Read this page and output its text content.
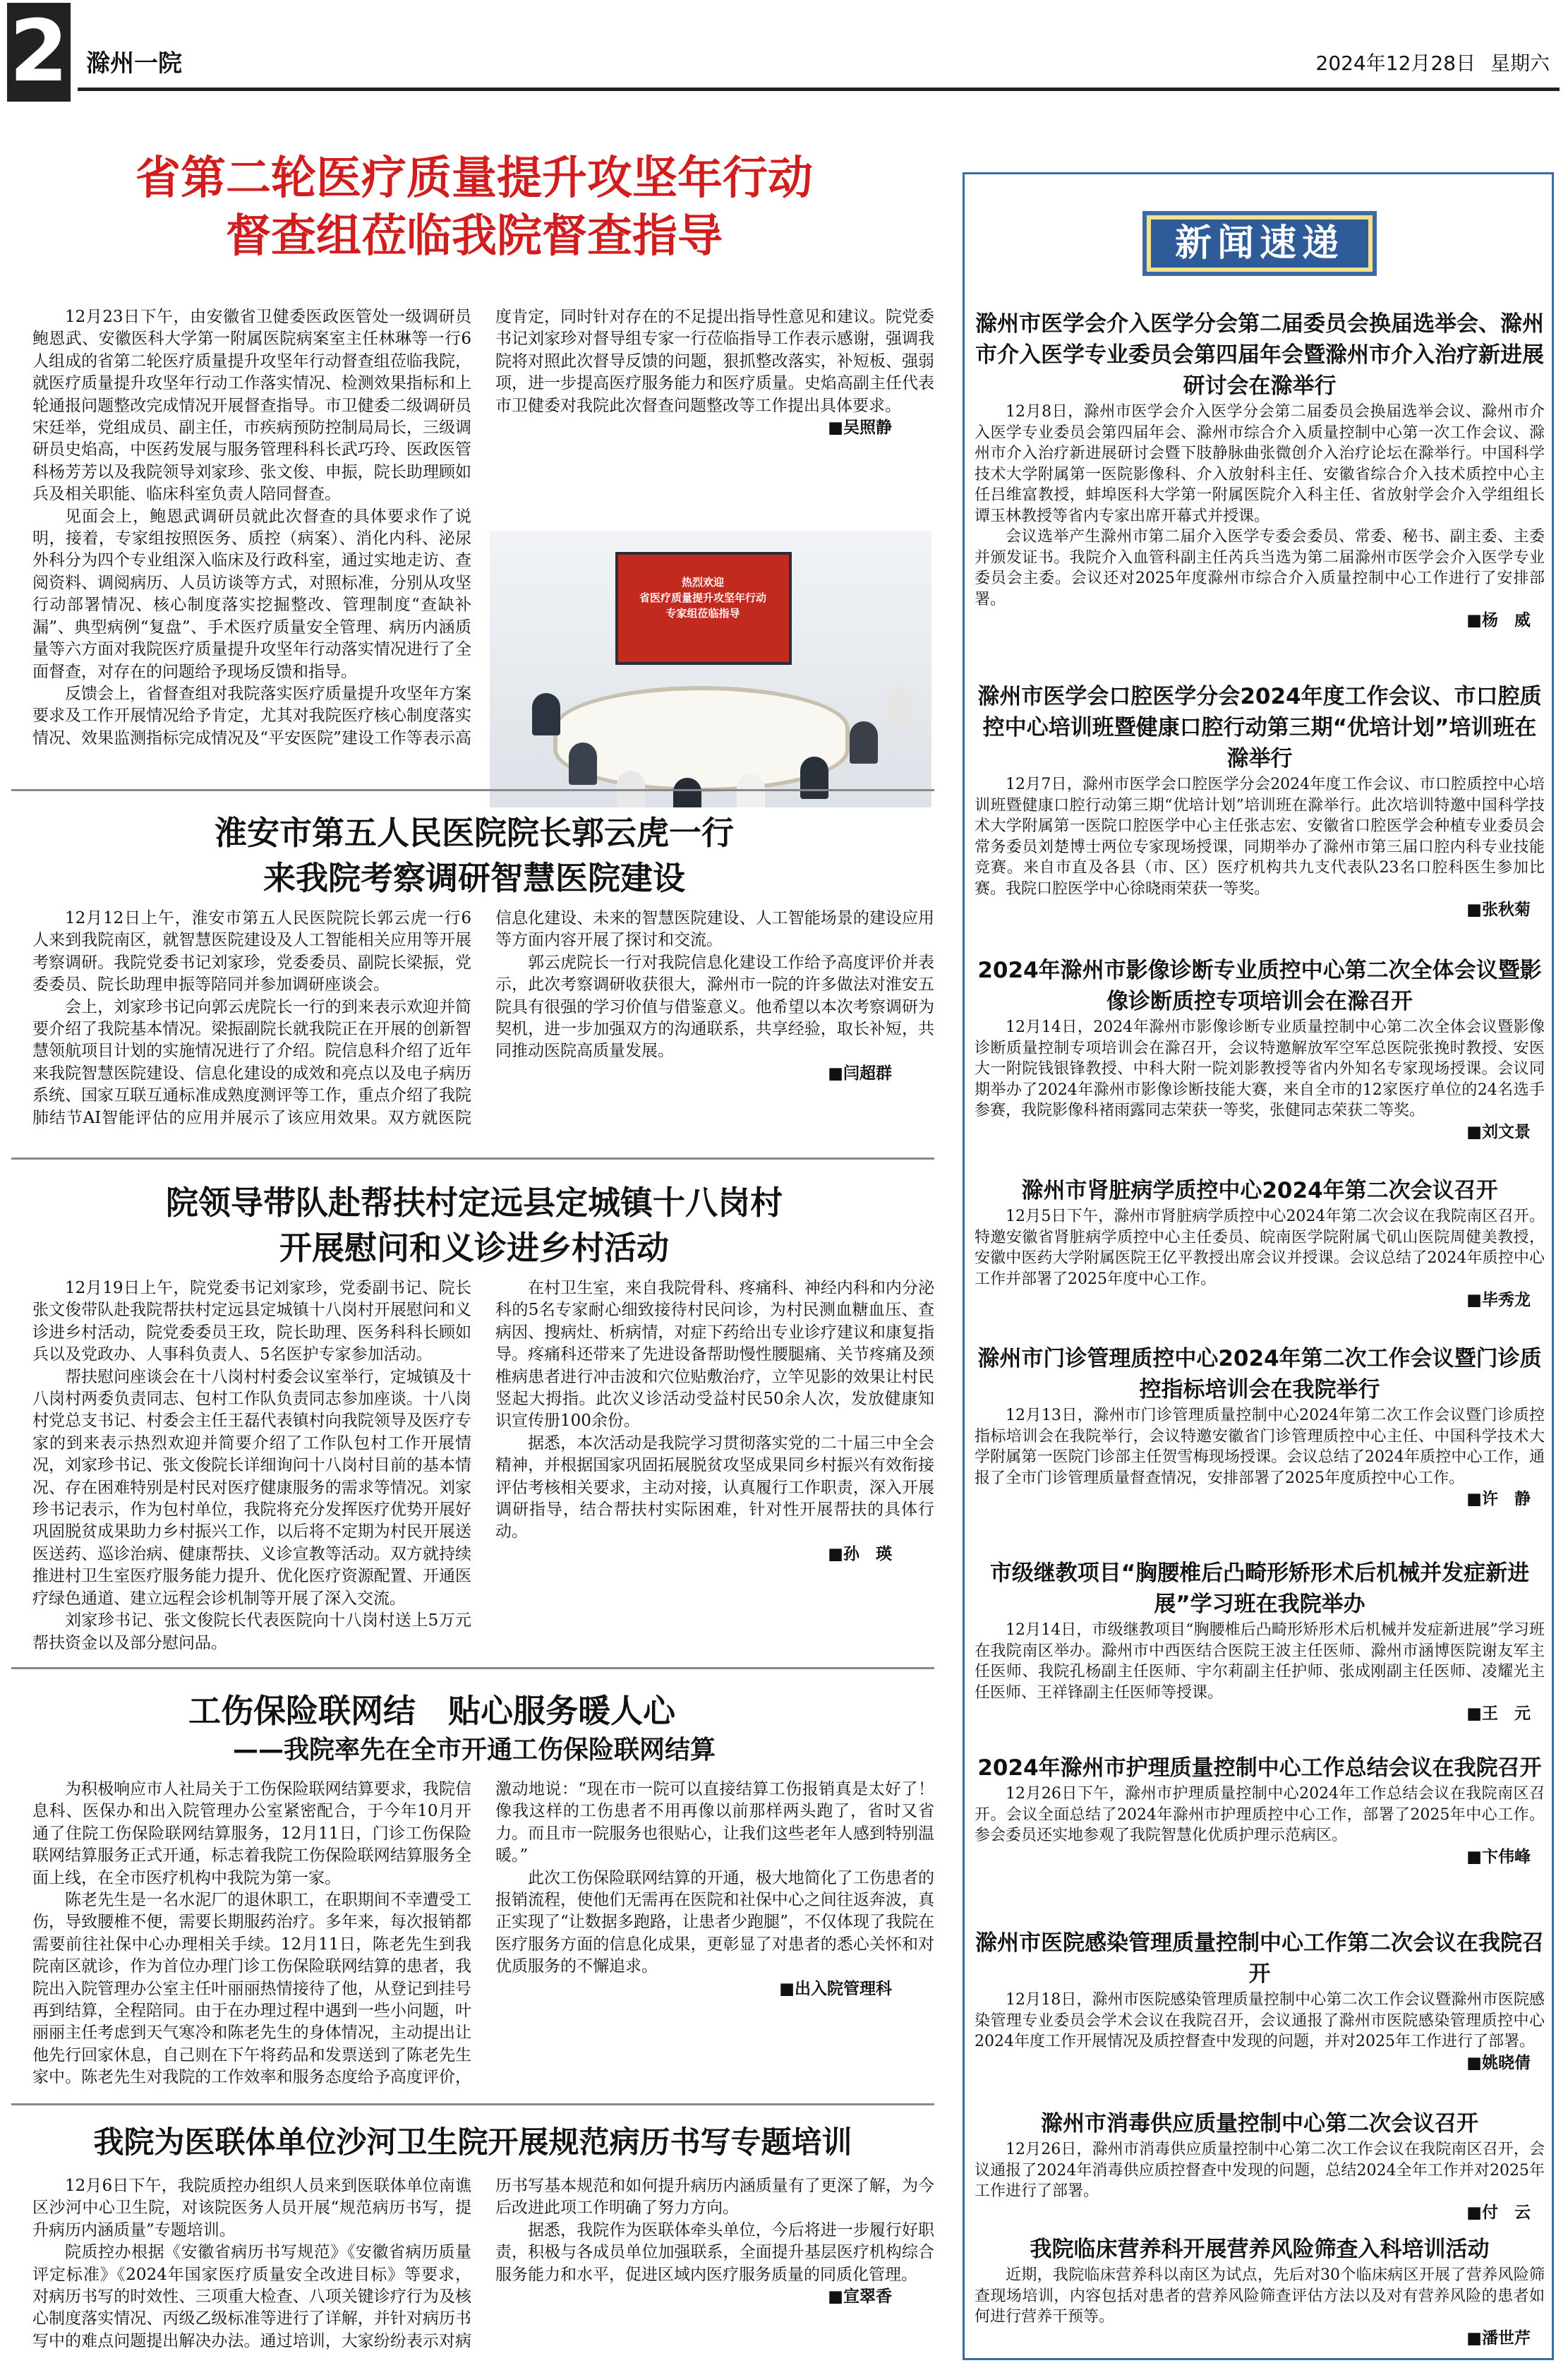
2 滁州一院	2024年12月28日 星期六
省第二轮医疗质量提升攻坚年行动
督查组莅临我院督查指导

12月23日下午，由安徽省卫健委医政医管处一级调研员鲍恩武、安徽医科大学第一附属医院病案室主任林琳等一行6人组成的省第二轮医疗质量提升攻坚年行动督查组莅临我院，就医疗质量提升攻坚年行动工作落实情况、检测效果指标和上轮通报问题整改完成情况开展督查指导。市卫健委二级调研员宋廷举，党组成员、副主任，市疾病预防控制局局长，三级调研员史焰高，中医药发展与服务管理科科长武巧玲、医政医管科杨芳芳以及我院领导刘家珍、张文俊、申振，院长助理顾如兵及相关职能、临床科室负责人陪同督查。

见面会上，鲍恩武调研员就此次督查的具体要求作了说明，接着，专家组按照医务、质控（病案）、消化内科、泌尿外科分为四个专业组深入临床及行政科室，通过实地走访、查阅资料、调阅病历、人员访谈等方式，对照标准，分别从攻坚行动部署情况、核心制度落实挖掘整改、管理制度“查缺补漏”、典型病例“复盘”、手术医疗质量安全管理、病历内涵质量等六方面对我院医疗质量提升攻坚年行动落实情况进行了全面督查，对存在的问题给予现场反馈和指导。

反馈会上，省督查组对我院落实医疗质量提升攻坚年方案要求及工作开展情况给予肯定，尤其对我院医疗核心制度落实情况、效果监测指标完成情况及“平安医院”建设工作等表示高度肯定，同时针对存在的不足提出指导性意见和建议。院党委书记刘家珍对督导组专家一行莅临指导工作表示感谢，强调我院将对照此次督导反馈的问题，狠抓整改落实，补短板、强弱项，进一步提高医疗服务能力和医疗质量。史焰高副主任代表市卫健委对我院此次督查问题整改等工作提出具体要求。

■吴照静
热烈欢迎
省医疗质量提升攻坚年行动
专家组莅临指导
淮安市第五人民医院院长郭云虎一行
来我院考察调研智慧医院建设

12月12日上午，淮安市第五人民医院院长郭云虎一行6人来到我院南区，就智慧医院建设及人工智能相关应用等开展考察调研。我院党委书记刘家珍，党委委员、副院长梁振，党委委员、院长助理申振等陪同并参加调研座谈会。

会上，刘家珍书记向郭云虎院长一行的到来表示欢迎并简要介绍了我院基本情况。梁振副院长就我院正在开展的创新智慧领航项目计划的实施情况进行了介绍。院信息科介绍了近年来我院智慧医院建设、信息化建设的成效和亮点以及电子病历系统、国家互联互通标准成熟度测评等工作，重点介绍了我院肺结节AI智能评估的应用并展示了该应用效果。双方就医院信息化建设、未来的智慧医院建设、人工智能场景的建设应用等方面内容开展了探讨和交流。

郭云虎院长一行对我院信息化建设工作给予高度评价并表示，此次考察调研收获很大，滁州市一院的许多做法对淮安五院具有很强的学习价值与借鉴意义。他希望以本次考察调研为契机，进一步加强双方的沟通联系，共享经验，取长补短，共同推动医院高质量发展。

■闫超群
院领导带队赴帮扶村定远县定城镇十八岗村
开展慰问和义诊进乡村活动

12月19日上午，院党委书记刘家珍，党委副书记、院长张文俊带队赴我院帮扶村定远县定城镇十八岗村开展慰问和义诊进乡村活动，院党委委员王玫，院长助理、医务科科长顾如兵以及党政办、人事科负责人、5名医护专家参加活动。

帮扶慰问座谈会在十八岗村村委会议室举行，定城镇及十八岗村两委负责同志、包村工作队负责同志参加座谈。十八岗村党总支书记、村委会主任王磊代表镇村向我院领导及医疗专家的到来表示热烈欢迎并简要介绍了工作队包村工作开展情况，刘家珍书记、张文俊院长详细询问十八岗村目前的基本情况、存在困难特别是村民对医疗健康服务的需求等情况。刘家珍书记表示，作为包村单位，我院将充分发挥医疗优势开展好巩固脱贫成果助力乡村振兴工作，以后将不定期为村民开展送医送药、巡诊治病、健康帮扶、义诊宣教等活动。双方就持续推进村卫生室医疗服务能力提升、优化医疗资源配置、开通医疗绿色通道、建立远程会诊机制等开展了深入交流。

刘家珍书记、张文俊院长代表医院向十八岗村送上5万元帮扶资金以及部分慰问品。

在村卫生室，来自我院骨科、疼痛科、神经内科和内分泌科的5名专家耐心细致接待村民问诊，为村民测血糖血压、查病因、搜病灶、析病情，对症下药给出专业诊疗建议和康复指导。疼痛科还带来了先进设备帮助慢性腰腿痛、关节疼痛及颈椎病患者进行冲击波和穴位贴敷治疗，立竿见影的效果让村民竖起大拇指。此次义诊活动受益村民50余人次，发放健康知识宣传册100余份。

据悉，本次活动是我院学习贯彻落实党的二十届三中全会精神，并根据国家巩固拓展脱贫攻坚成果同乡村振兴有效衔接评估考核相关要求，主动对接，认真履行工作职责，深入开展调研指导，结合帮扶村实际困难，针对性开展帮扶的具体行动。

■孙　瑛
工伤保险联网结　贴心服务暖人心
——我院率先在全市开通工伤保险联网结算

为积极响应市人社局关于工伤保险联网结算要求，我院信息科、医保办和出入院管理办公室紧密配合，于今年10月开通了住院工伤保险联网结算服务，12月11日，门诊工伤保险联网结算服务正式开通，标志着我院工伤保险联网结算服务全面上线，在全市医疗机构中我院为第一家。

陈老先生是一名水泥厂的退休职工，在职期间不幸遭受工伤，导致腰椎不便，需要长期服药治疗。多年来，每次报销都需要前往社保中心办理相关手续。12月11日，陈老先生到我院南区就诊，作为首位办理门诊工伤保险联网结算的患者，我院出入院管理办公室主任叶丽丽热情接待了他，从登记到挂号再到结算，全程陪同。由于在办理过程中遇到一些小问题，叶丽丽主任考虑到天气寒冷和陈老先生的身体情况，主动提出让他先行回家休息，自己则在下午将药品和发票送到了陈老先生家中。陈老先生对我院的工作效率和服务态度给予高度评价，激动地说：“现在市一院可以直接结算工伤报销真是太好了！像我这样的工伤患者不用再像以前那样两头跑了，省时又省力。而且市一院服务也很贴心，让我们这些老年人感到特别温暖。”

此次工伤保险联网结算的开通，极大地简化了工伤患者的报销流程，使他们无需再在医院和社保中心之间往返奔波，真正实现了“让数据多跑路，让患者少跑腿”，不仅体现了我院在医疗服务方面的信息化成果，更彰显了对患者的悉心关怀和对优质服务的不懈追求。

■出入院管理科
我院为医联体单位沙河卫生院开展规范病历书写专题培训

12月6日下午，我院质控办组织人员来到医联体单位南谯区沙河中心卫生院，对该院医务人员开展“规范病历书写，提升病历内涵质量”专题培训。

院质控办根据《安徽省病历书写规范》《安徽省病历质量评定标准》《2024年国家医疗质量安全改进目标》等要求，对病历书写的时效性、三项重大检查、八项关键诊疗行为及核心制度落实情况、丙级乙级标准等进行了详解，并针对病历书写中的难点问题提出解决办法。通过培训，大家纷纷表示对病历书写基本规范和如何提升病历内涵质量有了更深了解，为今后改进此项工作明确了努力方向。

据悉，我院作为医联体牵头单位，今后将进一步履行好职责，积极与各成员单位加强联系，全面提升基层医疗机构综合服务能力和水平，促进区域内医疗服务质量的同质化管理。

■宣翠香
新闻速递
滁州市医学会介入医学分会第二届委员会换届选举会、滁州市介入医学专业委员会第四届年会暨滁州市介入治疗新进展研讨会在滁举行

12月8日，滁州市医学会介入医学分会第二届委员会换届选举会议、滁州市介入医学专业委员会第四届年会、滁州市综合介入质量控制中心第一次工作会议、滁州市介入治疗新进展研讨会暨下肢静脉曲张微创介入治疗论坛在滁举行。中国科学技术大学附属第一医院影像科、介入放射科主任、安徽省综合介入技术质控中心主任吕维富教授，蚌埠医科大学第一附属医院介入科主任、省放射学会介入学组组长谭玉林教授等省内专家出席开幕式并授课。

会议选举产生滁州市第二届介入医学专委会委员、常委、秘书、副主委、主委并颁发证书。我院介入血管科副主任芮兵当选为第二届滁州市医学会介入医学专业委员会主委。会议还对2025年度滁州市综合介入质量控制中心工作进行了安排部署。

■杨　威
滁州市医学会口腔医学分会2024年度工作会议、市口腔质控中心培训班暨健康口腔行动第三期“优培计划”培训班在滁举行

12月7日，滁州市医学会口腔医学分会2024年度工作会议、市口腔质控中心培训班暨健康口腔行动第三期“优培计划”培训班在滁举行。此次培训特邀中国科学技术大学附属第一医院口腔医学中心主任张志宏、安徽省口腔医学会种植专业委员会常务委员刘楚博士两位专家现场授课，同期举办了滁州市第三届口腔内科专业技能竞赛。来自市直及各县（市、区）医疗机构共九支代表队23名口腔科医生参加比赛。我院口腔医学中心徐晓雨荣获一等奖。

■张秋菊
2024年滁州市影像诊断专业质控中心第二次全体会议暨影像诊断质控专项培训会在滁召开

12月14日，2024年滁州市影像诊断专业质量控制中心第二次全体会议暨影像诊断质量控制专项培训会在滁召开，会议特邀解放军空军总医院张挽时教授、安医大一附院钱银锋教授、中科大附一院刘影教授等省内外知名专家现场授课。会议同期举办了2024年滁州市影像诊断技能大赛，来自全市的12家医疗单位的24名选手参赛，我院影像科褚雨露同志荣获一等奖，张健同志荣获二等奖。

■刘文景
滁州市肾脏病学质控中心2024年第二次会议召开

12月5日下午，滁州市肾脏病学质控中心2024年第二次会议在我院南区召开。特邀安徽省肾脏病学质控中心主任委员、皖南医学院附属弋矶山医院周健美教授，安徽中医药大学附属医院王亿平教授出席会议并授课。会议总结了2024年质控中心工作并部署了2025年度中心工作。

■毕秀龙
滁州市门诊管理质控中心2024年第二次工作会议暨门诊质控指标培训会在我院举行

12月13日，滁州市门诊管理质量控制中心2024年第二次工作会议暨门诊质控指标培训会在我院举行，会议特邀安徽省门诊管理质控中心主任、中国科学技术大学附属第一医院门诊部主任贺雪梅现场授课。会议总结了2024年质控中心工作，通报了全市门诊管理质量督查情况，安排部署了2025年度质控中心工作。

■许　静
市级继教项目“胸腰椎后凸畸形矫形术后机械并发症新进展”学习班在我院举办

12月14日，市级继教项目“胸腰椎后凸畸形矫形术后机械并发症新进展”学习班在我院南区举办。滁州市中西医结合医院王波主任医师、滁州市涵博医院谢友军主任医师、我院孔杨副主任医师、宇尔莉副主任护师、张成刚副主任医师、凌耀光主任医师、王祥锋副主任医师等授课。

■王　元
2024年滁州市护理质量控制中心工作总结会议在我院召开

12月26日下午，滁州市护理质量控制中心2024年工作总结会议在我院南区召开。会议全面总结了2024年滁州市护理质控中心工作，部署了2025年中心工作。参会委员还实地参观了我院智慧化优质护理示范病区。

■卞伟峰
滁州市医院感染管理质量控制中心工作第二次会议在我院召开

12月18日，滁州市医院感染管理质量控制中心第二次工作会议暨滁州市医院感染管理专业委员会学术会议在我院召开，会议通报了滁州市医院感染管理质控中心2024年度工作开展情况及质控督查中发现的问题，并对2025年工作进行了部署。

■姚晓倩
滁州市消毒供应质量控制中心第二次会议召开

12月26日，滁州市消毒供应质量控制中心第二次工作会议在我院南区召开，会议通报了2024年消毒供应质控督查中发现的问题，总结2024全年工作并对2025年工作进行了部署。

■付　云
我院临床营养科开展营养风险筛查入科培训活动

近期，我院临床营养科以南区为试点，先后对30个临床病区开展了营养风险筛查现场培训，内容包括对患者的营养风险筛查评估方法以及对有营养风险的患者如何进行营养干预等。

■潘世芹
